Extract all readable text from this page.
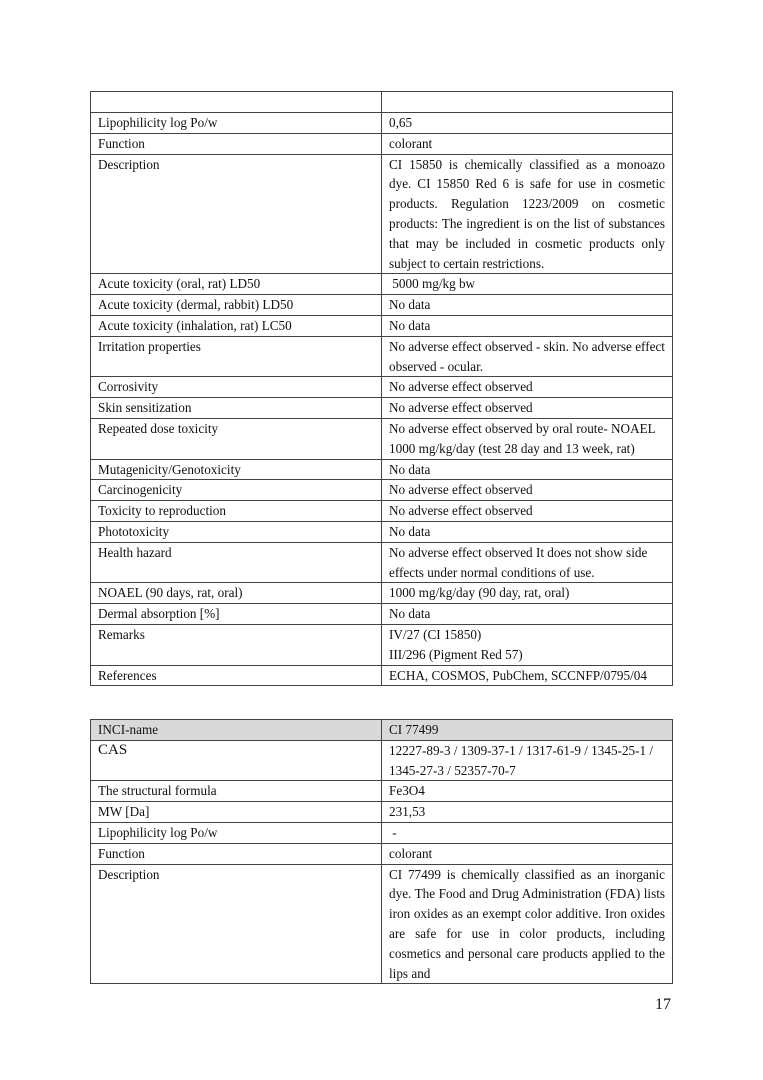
Lipophilicity log Po/w	0,65
Function	colorant
Description	CI 15850 is chemically classified as a monoazo dye. CI 15850 Red 6 is safe for use in cosmetic products. Regulation 1223/2009 on cosmetic products: The ingredient is on the list of substances that may be included in cosmetic products only subject to certain restrictions.
Acute toxicity (oral, rat) LD50	5000 mg/kg bw
Acute toxicity (dermal, rabbit) LD50	No data
Acute toxicity (inhalation, rat) LC50	No data
Irritation properties	No adverse effect observed - skin. No adverse effect observed - ocular.
Corrosivity	No adverse effect observed
Skin sensitization	No adverse effect observed
Repeated dose toxicity	No adverse effect observed by oral route- NOAEL 1000 mg/kg/day (test 28 day and 13 week, rat)
Mutagenicity/Genotoxicity	No data
Carcinogenicity	No adverse effect observed
Toxicity to reproduction	No adverse effect observed
Phototoxicity	No data
Health hazard	No adverse effect observed It does not show side effects under normal conditions of use.
NOAEL (90 days, rat, oral)	1000 mg/kg/day (90 day, rat, oral)
Dermal absorption [%]	No data
Remarks	IV/27 (CI 15850)
III/296 (Pigment Red 57)

References	ECHA, COSMOS, PubChem, SCCNFP/0795/04
INCI-name	CI 77499
CAS	12227-89-3 / 1309-37-1 / 1317-61-9 / 1345-25-1 / 1345-27-3 / 52357-70-7
The structural formula	Fe3O4
MW [Da]	231,53
Lipophilicity log Po/w	-
Function	colorant
Description	CI 77499 is chemically classified as an inorganic dye. The Food and Drug Administration (FDA) lists iron oxides as an exempt color additive. Iron oxides are safe for use in color products, including cosmetics and personal care products applied to the lips and
17
